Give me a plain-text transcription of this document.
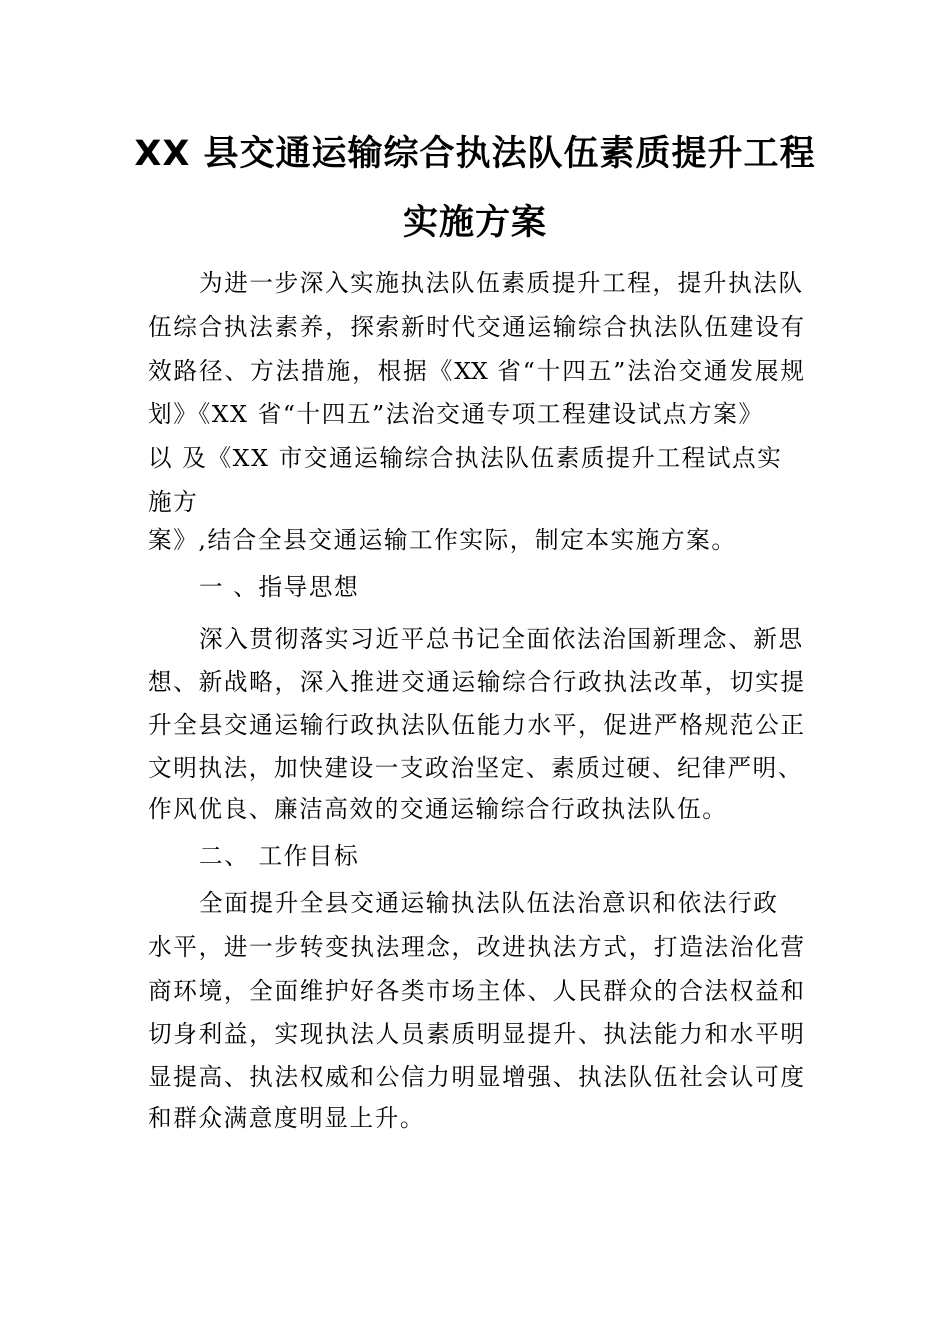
XX 县交通运输综合执法队伍素质提升工程
实施方案
为进一步深入实施执法队伍素质提升工程，提升执法队
伍综合执法素养，探索新时代交通运输综合执法队伍建设有
效路径、方法措施，根据《XX 省“十四五”法治交通发展规
划》《XX 省“十四五”法治交通专项工程建设试点方案》
以 及《XX 市交通运输综合执法队伍素质提升工程试点实
施方
案》,结合全县交通运输工作实际，制定本实施方案。
一 、指导思想
深入贯彻落实习近平总书记全面依法治国新理念、新思
想、新战略，深入推进交通运输综合行政执法改革，切实提
升全县交通运输行政执法队伍能力水平，促进严格规范公正
文明执法，加快建设一支政治坚定、素质过硬、纪律严明、
作风优良、廉洁高效的交通运输综合行政执法队伍。
二、 工作目标
全面提升全县交通运输执法队伍法治意识和依法行政
水平，进一步转变执法理念，改进执法方式，打造法治化营
商环境，全面维护好各类市场主体、人民群众的合法权益和
切身利益，实现执法人员素质明显提升、执法能力和水平明
显提高、执法权威和公信力明显增强、执法队伍社会认可度
和群众满意度明显上升。
